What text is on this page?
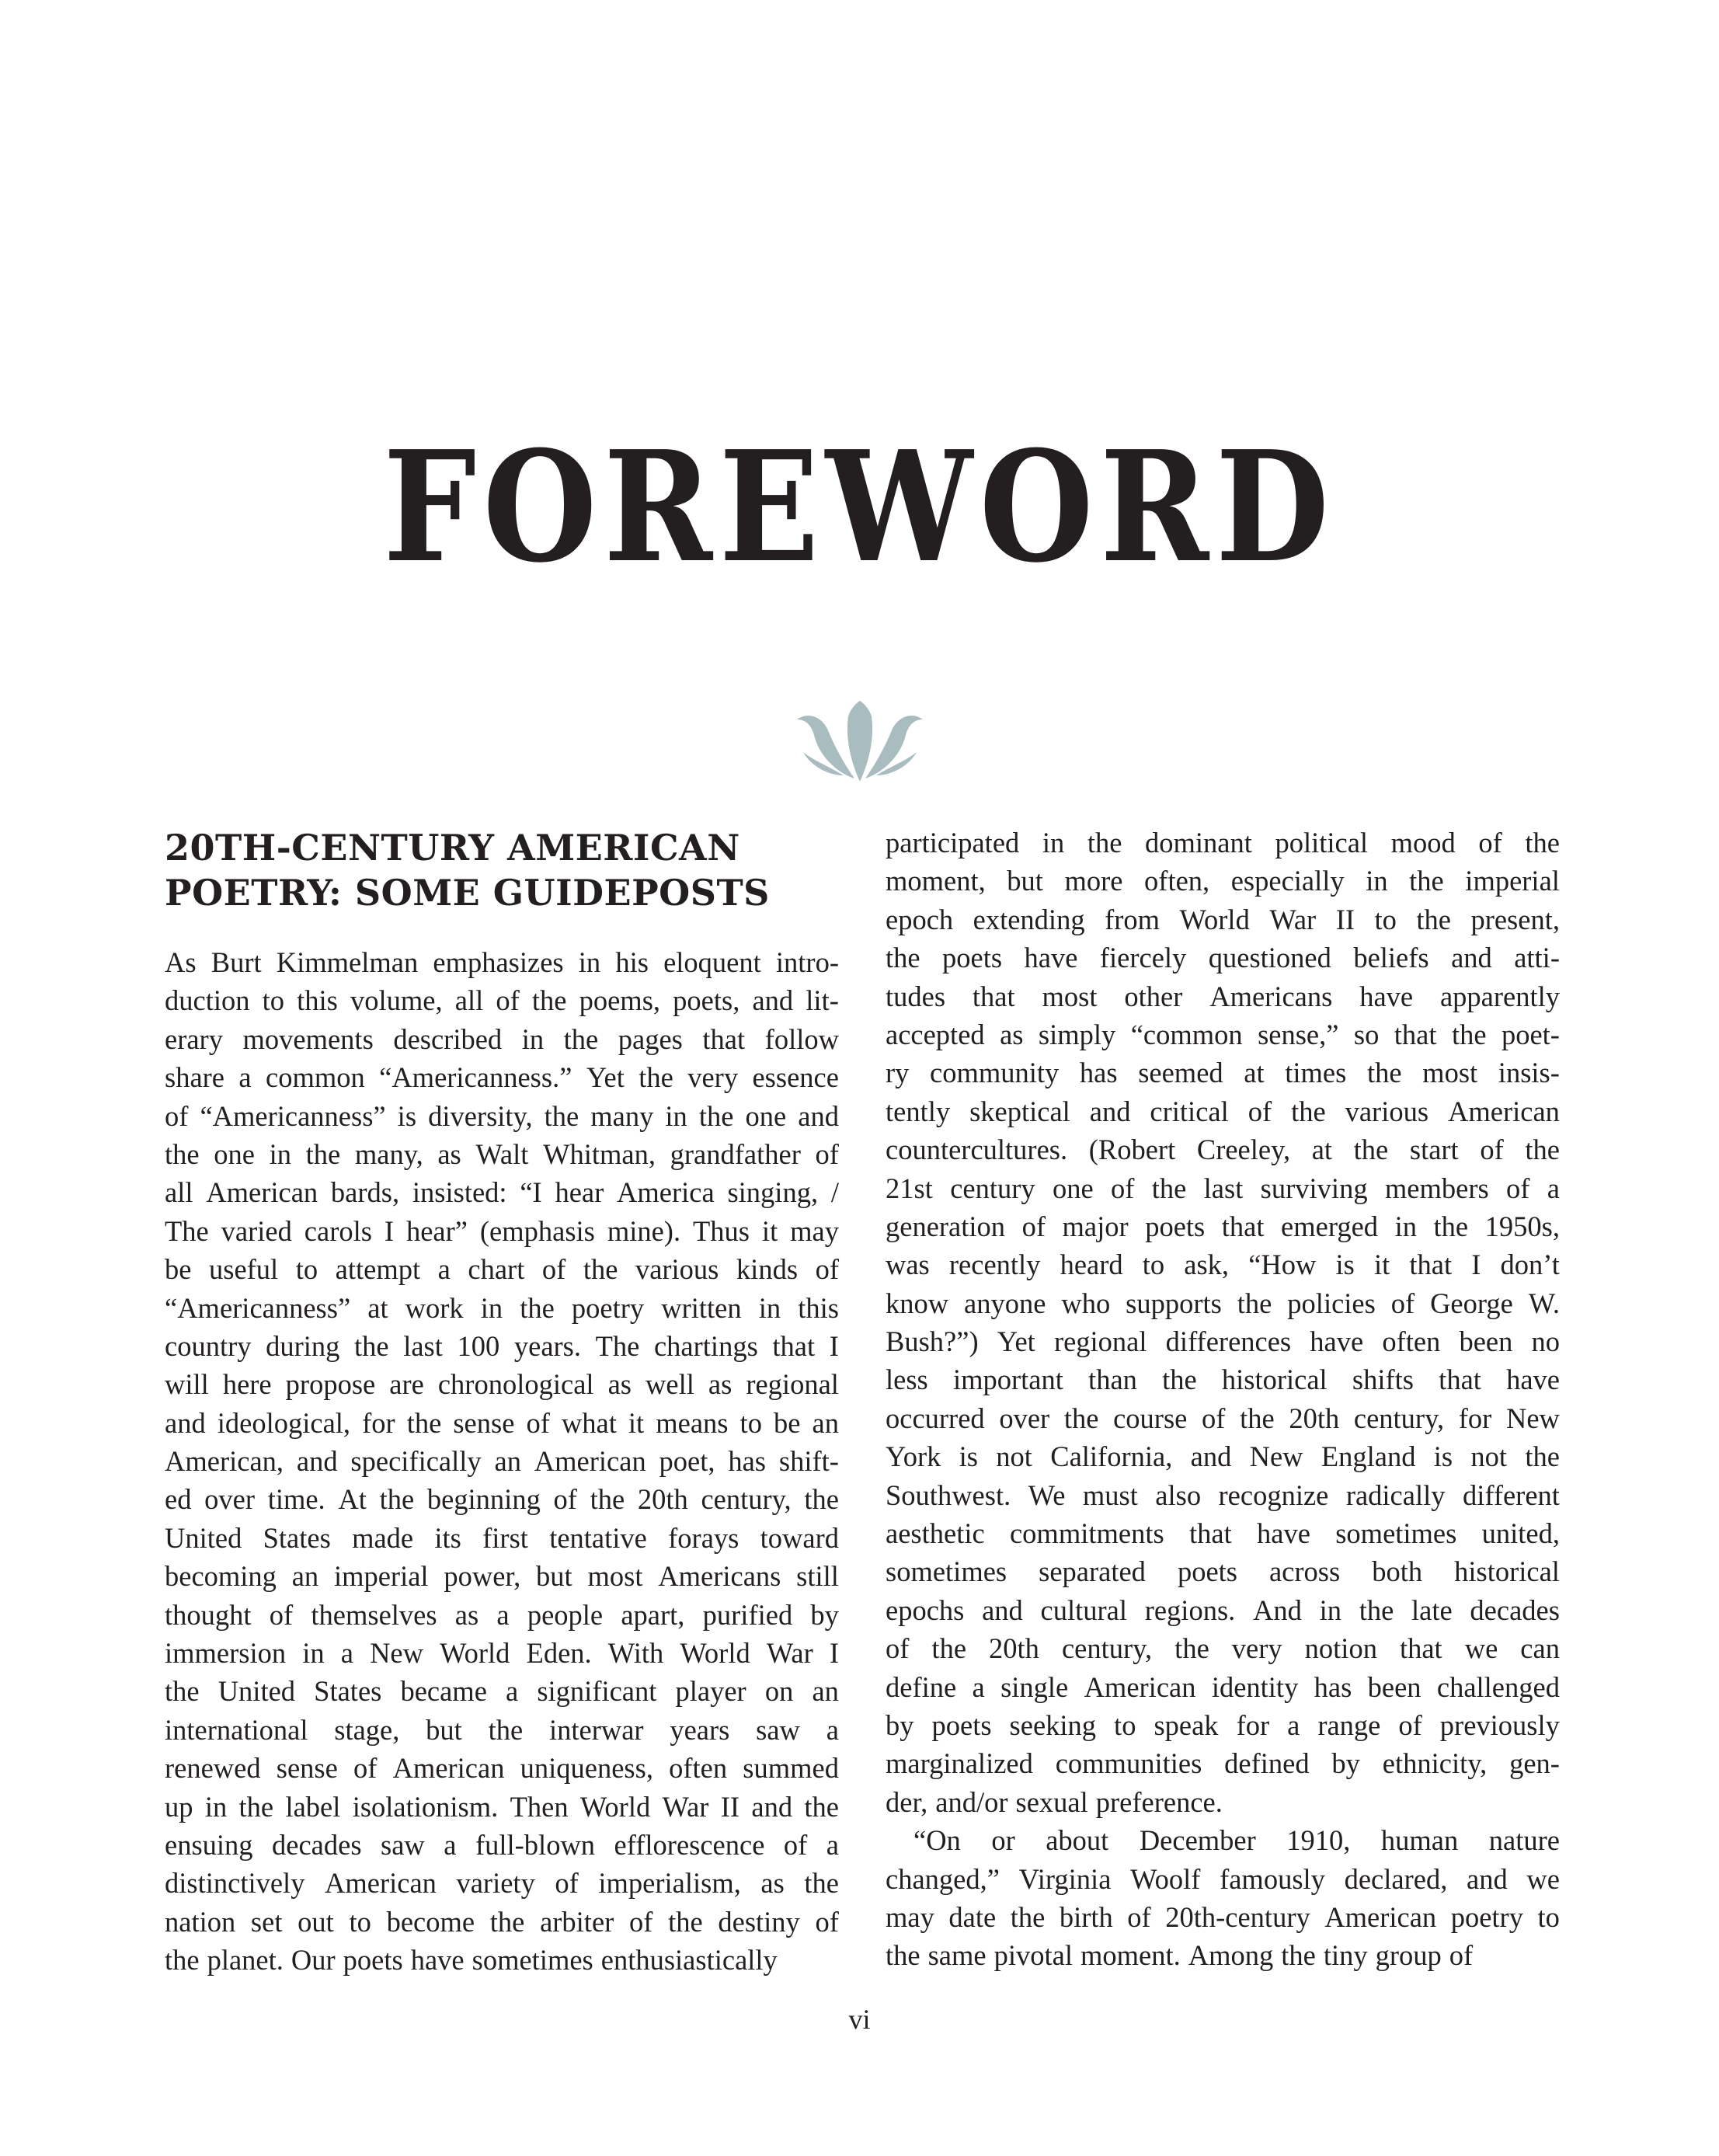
FOREWORD
20TH-CENTURY AMERICAN
POETRY: SOME GUIDEPOSTS
As Burt Kimmelman emphasizes in his eloquent intro-
duction to this volume, all of the poems, poets, and lit-
erary movements described in the pages that follow
share a common “Americanness.” Yet the very essence
of “Americanness” is diversity, the many in the one and
the one in the many, as Walt Whitman, grandfather of
all American bards, insisted: “I hear America singing, /
The varied carols I hear” (emphasis mine). Thus it may
be useful to attempt a chart of the various kinds of
“Americanness” at work in the poetry written in this
country during the last 100 years. The chartings that I
will here propose are chronological as well as regional
and ideological, for the sense of what it means to be an
American, and specifically an American poet, has shift-
ed over time. At the beginning of the 20th century, the
United States made its first tentative forays toward
becoming an imperial power, but most Americans still
thought of themselves as a people apart, purified by
immersion in a New World Eden. With World War I
the United States became a significant player on an
international stage, but the interwar years saw a
renewed sense of American uniqueness, often summed
up in the label isolationism. Then World War II and the
ensuing decades saw a full-blown efflorescence of a
distinctively American variety of imperialism, as the
nation set out to become the arbiter of the destiny of
the planet. Our poets have sometimes enthusiastically
participated in the dominant political mood of the
moment, but more often, especially in the imperial
epoch extending from World War II to the present,
the poets have fiercely questioned beliefs and atti-
tudes that most other Americans have apparently
accepted as simply “common sense,” so that the poet-
ry community has seemed at times the most insis-
tently skeptical and critical of the various American
countercultures. (Robert Creeley, at the start of the
21st century one of the last surviving members of a
generation of major poets that emerged in the 1950s,
was recently heard to ask, “How is it that I don’t
know anyone who supports the policies of George W.
Bush?”) Yet regional differences have often been no
less important than the historical shifts that have
occurred over the course of the 20th century, for New
York is not California, and New England is not the
Southwest. We must also recognize radically different
aesthetic commitments that have sometimes united,
sometimes separated poets across both historical
epochs and cultural regions. And in the late decades
of the 20th century, the very notion that we can
define a single American identity has been challenged
by poets seeking to speak for a range of previously
marginalized communities defined by ethnicity, gen-
der, and/or sexual preference.
“On or about December 1910, human nature
changed,” Virginia Woolf famously declared, and we
may date the birth of 20th-century American poetry to
the same pivotal moment. Among the tiny group of
vi
